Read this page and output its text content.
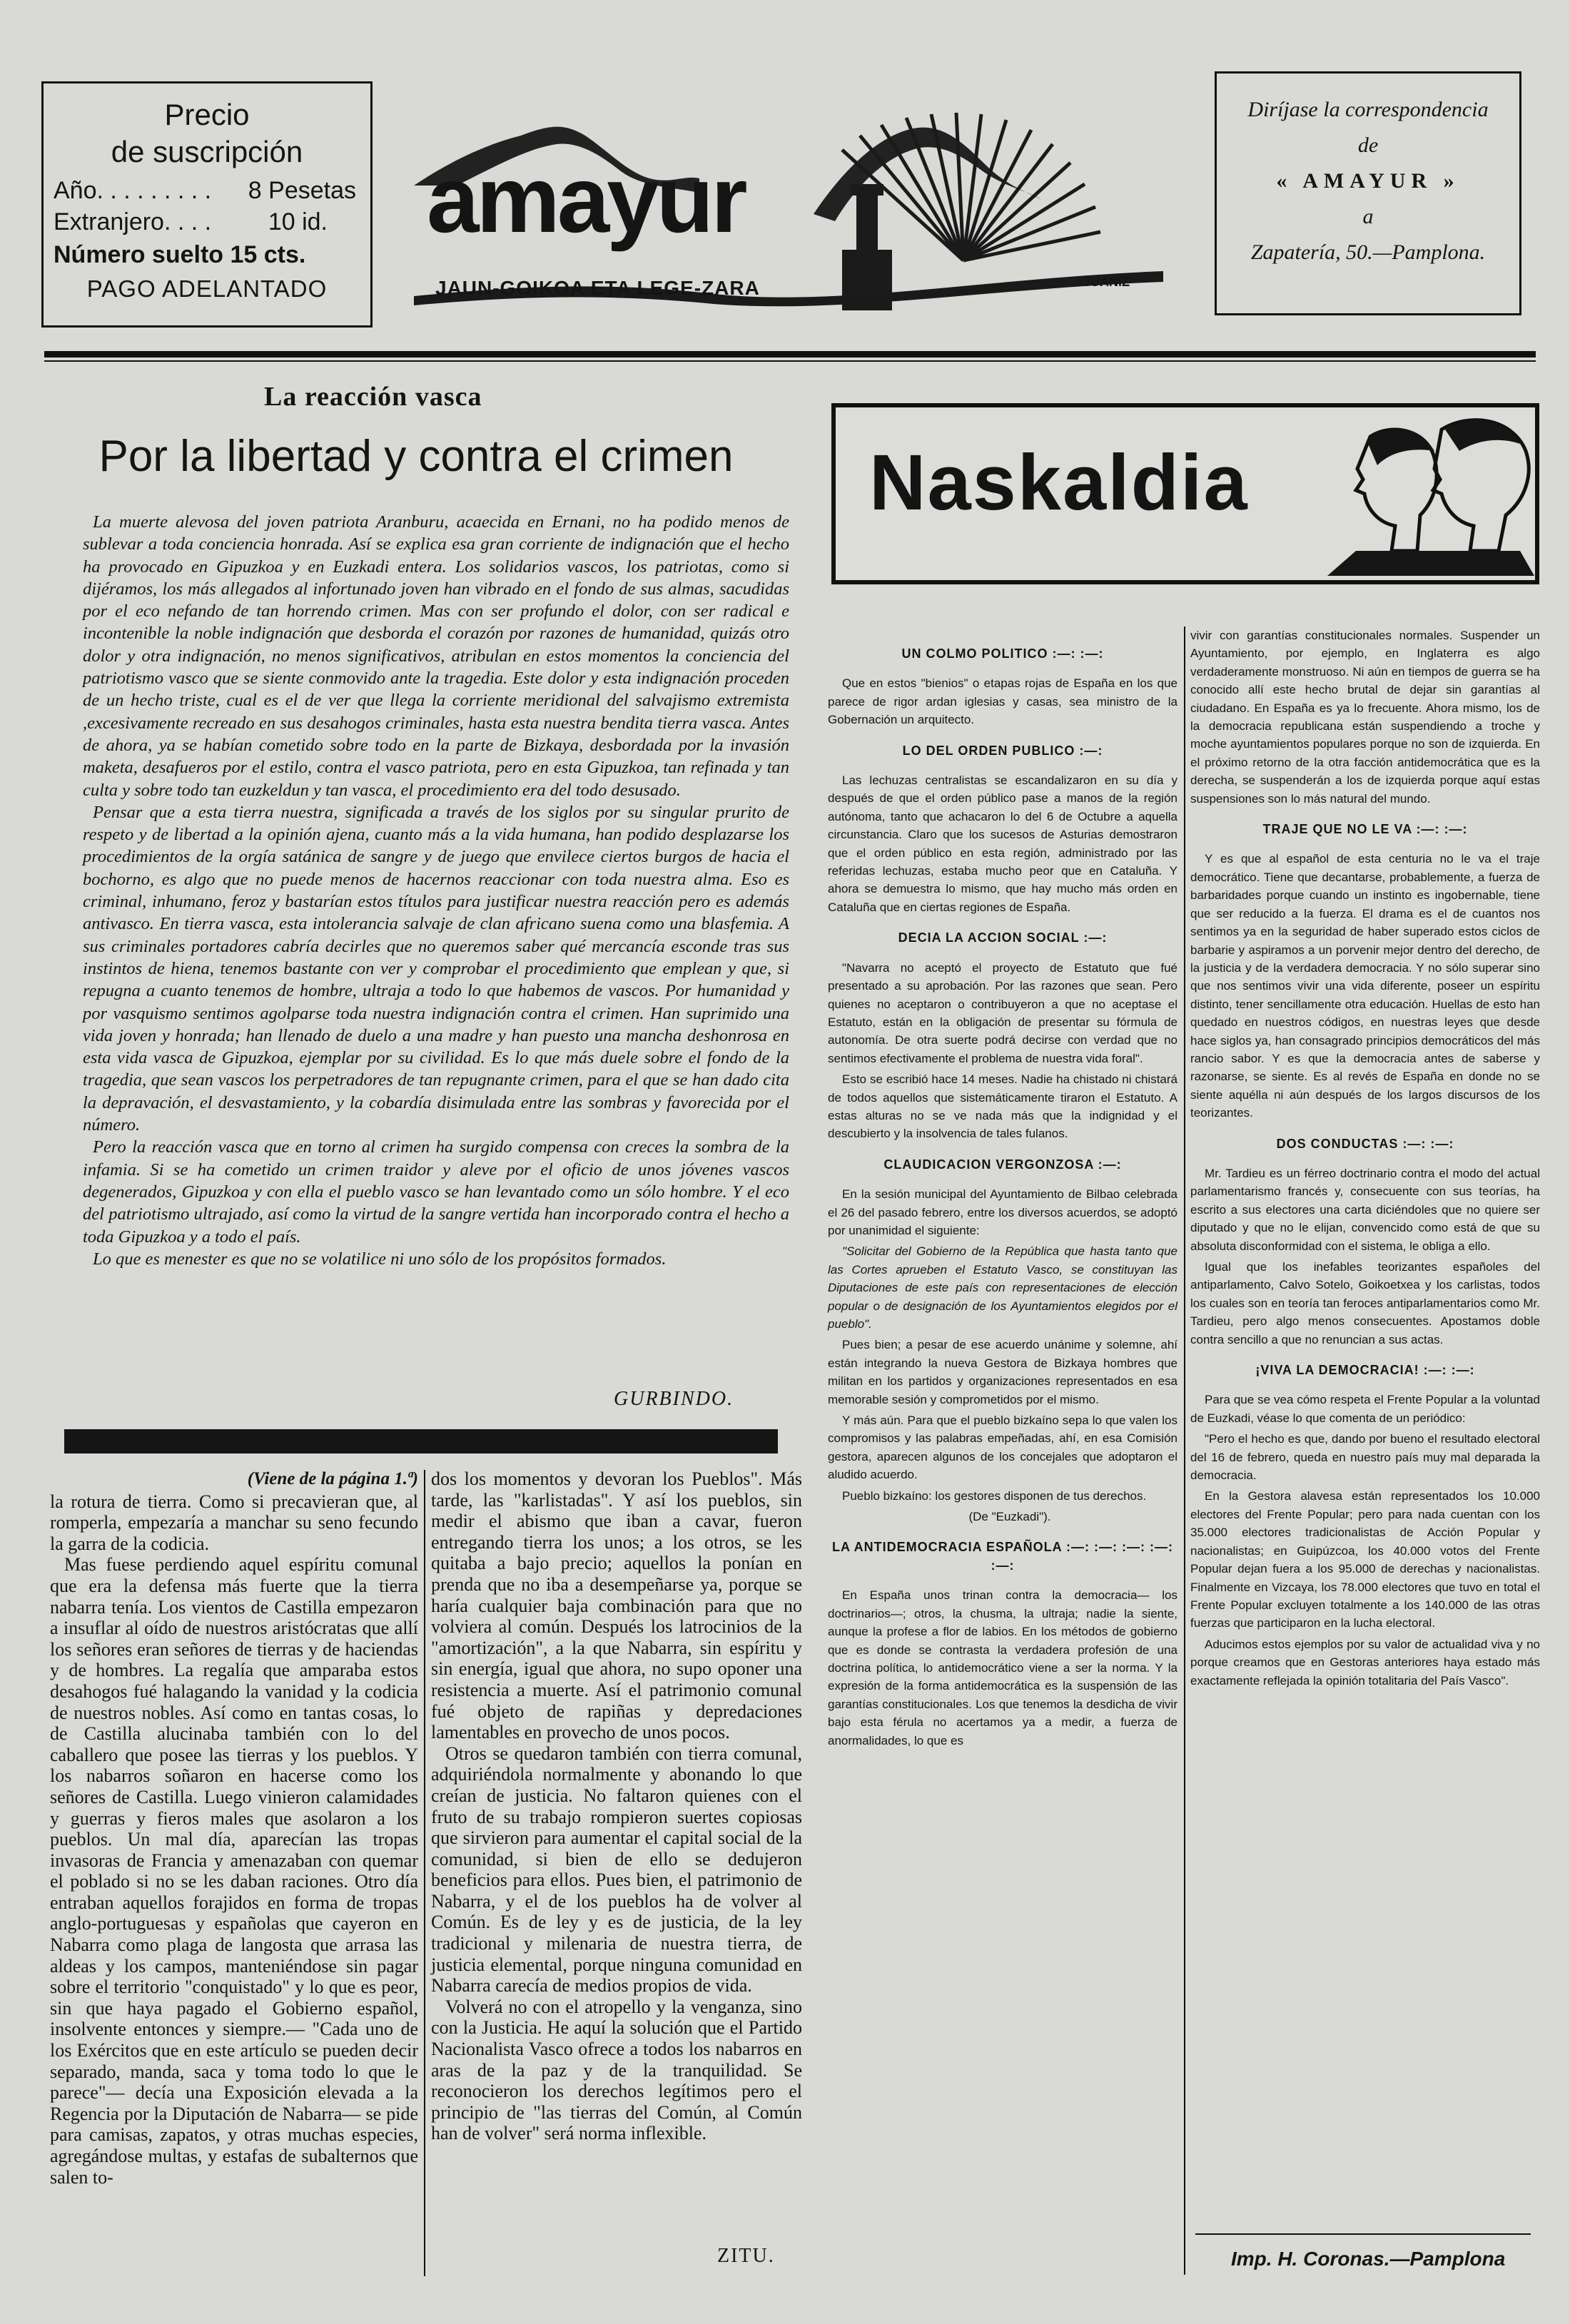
Precio
de suscripción
Año. . . . . . . . . 8 Pesetas
Extranjero. . . . 10 id.
Número suelto 15 cts.
PAGO ADELANTADO
amayur
JAUN-GOIKOA ETA LEGE-ZARA	JUANIZ
Diríjase la correspondencia
de
« AMAYUR »
a
Zapatería, 50.—Pamplona.
La reacción vasca
Por la libertad y contra el crimen

La muerte alevosa del joven patriota Aranburu, acaecida en Ernani, no ha podido menos de sublevar a toda conciencia honrada. Así se explica esa gran corriente de indignación que el hecho ha provocado en Gipuzkoa y en Euzkadi entera. Los solidarios vascos, los patriotas, como si dijéramos, los más allegados al infortunado joven han vibrado en el fondo de sus almas, sacudidas por el eco nefando de tan horrendo crimen. Mas con ser profundo el dolor, con ser radical e incontenible la noble indignación que desborda el corazón por razones de humanidad, quizás otro dolor y otra indignación, no menos significativos, atribulan en estos momentos la conciencia del patriotismo vasco que se siente conmovido ante la tragedia. Este dolor y esta indignación proceden de un hecho triste, cual es el de ver que llega la corriente meridional del salvajismo extremista ,excesivamente recreado en sus desahogos criminales, hasta esta nuestra bendita tierra vasca. Antes de ahora, ya se habían cometido sobre todo en la parte de Bizkaya, desbordada por la invasión maketa, desafueros por el estilo, contra el vasco patriota, pero en esta Gipuzkoa, tan refinada y tan culta y sobre todo tan euzkeldun y tan vasca, el procedimiento era del todo desusado.

Pensar que a esta tierra nuestra, significada a través de los siglos por su singular prurito de respeto y de libertad a la opinión ajena, cuanto más a la vida humana, han podido desplazarse los procedimientos de la orgía satánica de sangre y de juego que envilece ciertos burgos de hacia el bochorno, es algo que no puede menos de hacernos reaccionar con toda nuestra alma. Eso es criminal, inhumano, feroz y bastarían estos títulos para justificar nuestra reacción pero es además antivasco. En tierra vasca, esta intolerancia salvaje de clan africano suena como una blasfemia. A sus criminales portadores cabría decirles que no queremos saber qué mercancía esconde tras sus instintos de hiena, tenemos bastante con ver y comprobar el procedimiento que emplean y que, si repugna a cuanto tenemos de hombre, ultraja a todo lo que habemos de vascos. Por humanidad y por vasquismo sentimos agolparse toda nuestra indignación contra el crimen. Han suprimido una vida joven y honrada; han llenado de duelo a una madre y han puesto una mancha deshonrosa en esta vida vasca de Gipuzkoa, ejemplar por su civilidad. Es lo que más duele sobre el fondo de la tragedia, que sean vascos los perpetradores de tan repugnante crimen, para el que se han dado cita la depravación, el desvastamiento, y la cobardía disimulada entre las sombras y favorecida por el número.

Pero la reacción vasca que en torno al crimen ha surgido compensa con creces la sombra de la infamia. Si se ha cometido un crimen traidor y aleve por el oficio de unos jóvenes vascos degenerados, Gipuzkoa y con ella el pueblo vasco se han levantado como un sólo hombre. Y el eco del patriotismo ultrajado, así como la virtud de la sangre vertida han incorporado contra el hecho a toda Gipuzkoa y a todo el país.

Lo que es menester es que no se volatilice ni uno sólo de los propósitos formados.

GURBINDO.
(Viene de la página 1.ª)

la rotura de tierra. Como si precavieran que, al romperla, empezaría a manchar su seno fecundo la garra de la codicia.

Mas fuese perdiendo aquel espíritu comunal que era la defensa más fuerte que la tierra nabarra tenía. Los vientos de Castilla empezaron a insuflar al oído de nuestros aristócratas que allí los señores eran señores de tierras y de haciendas y de hombres. La regalía que amparaba estos desahogos fué halagando la vanidad y la codicia de nuestros nobles. Así como en tantas cosas, lo de Castilla alucinaba también con lo del caballero que posee las tierras y los pueblos. Y los nabarros soñaron en hacerse como los señores de Castilla. Luego vinieron calamidades y guerras y fieros males que asolaron a los pueblos. Un mal día, aparecían las tropas invasoras de Francia y amenazaban con quemar el poblado si no se les daban raciones. Otro día entraban aquellos forajidos en forma de tropas anglo-portuguesas y españolas que cayeron en Nabarra como plaga de langosta que arrasa las aldeas y los campos, manteniéndose sin pagar sobre el territorio "conquistado" y lo que es peor, sin que haya pagado el Gobierno español, insolvente entonces y siempre.— "Cada uno de los Exércitos que en este artículo se pueden decir separado, manda, saca y toma todo lo que le parece"— decía una Exposición elevada a la Regencia por la Diputación de Nabarra— se pide para camisas, zapatos, y otras muchas especies, agregándose multas, y estafas de subalternos que salen to-

dos los momentos y devoran los Pueblos". Más tarde, las "karlistadas". Y así los pueblos, sin medir el abismo que iban a cavar, fueron entregando tierra los unos; a los otros, se les quitaba a bajo precio; aquellos la ponían en prenda que no iba a desempeñarse ya, porque se haría cualquier baja combinación para que no volviera al común. Después los latrocinios de la "amortización", a la que Nabarra, sin espíritu y sin energía, igual que ahora, no supo oponer una resistencia a muerte. Así el patrimonio comunal fué objeto de rapiñas y depredaciones lamentables en provecho de unos pocos.

Otros se quedaron también con tierra comunal, adquiriéndola normalmente y abonando lo que creían de justicia. No faltaron quienes con el fruto de su trabajo rompieron suertes copiosas que sirvieron para aumentar el capital social de la comunidad, si bien de ello se dedujeron beneficios para ellos. Pues bien, el patrimonio de Nabarra, y el de los pueblos ha de volver al Común. Es de ley y es de justicia, de la ley tradicional y milenaria de nuestra tierra, de justicia elemental, porque ninguna comunidad en Nabarra carecía de medios propios de vida.

Volverá no con el atropello y la venganza, sino con la Justicia. He aquí la solución que el Partido Nacionalista Vasco ofrece a todos los nabarros en aras de la paz y de la tranquilidad. Se reconocieron los derechos legítimos pero el principio de "las tierras del Común, al Común han de volver" será norma inflexible.

ZITU.
Naskaldia
UN COLMO POLITICO :—: :—:

Que en estos "bienios" o etapas rojas de España en los que parece de rigor ardan iglesias y casas, sea ministro de la Gobernación un arquitecto.

LO DEL ORDEN PUBLICO :—:

Las lechuzas centralistas se escandalizaron en su día y después de que el orden público pase a manos de la región autónoma, tanto que achacaron lo del 6 de Octubre a aquella circunstancia. Claro que los sucesos de Asturias demostraron que el orden público en esta región, administrado por las referidas lechuzas, estaba mucho peor que en Cataluña. Y ahora se demuestra lo mismo, que hay mucho más orden en Cataluña que en ciertas regiones de España.

DECIA LA ACCION SOCIAL :—:

"Navarra no aceptó el proyecto de Estatuto que fué presentado a su aprobación. Por las razones que sean. Pero quienes no aceptaron o contribuyeron a que no aceptase el Estatuto, están en la obligación de presentar su fórmula de autonomía. De otra suerte podrá decirse con verdad que no sentimos efectivamente el problema de nuestra vida foral".

Esto se escribió hace 14 meses. Nadie ha chistado ni chistará de todos aquellos que sistemáticamente tiraron el Estatuto. A estas alturas no se ve nada más que la indignidad y el descubierto y la insolvencia de tales fulanos.

CLAUDICACION VERGONZOSA :—:

En la sesión municipal del Ayuntamiento de Bilbao celebrada el 26 del pasado febrero, entre los diversos acuerdos, se adoptó por unanimidad el siguiente:

"Solicitar del Gobierno de la República que hasta tanto que las Cortes aprueben el Estatuto Vasco, se constituyan las Diputaciones de este país con representaciones de elección popular o de designación de los Ayuntamientos elegidos por el pueblo".

Pues bien; a pesar de ese acuerdo unánime y solemne, ahí están integrando la nueva Gestora de Bizkaya hombres que militan en los partidos y organizaciones representados en esa memorable sesión y comprometidos por el mismo.

Y más aún. Para que el pueblo bizkaíno sepa lo que valen los compromisos y las palabras empeñadas, ahí, en esa Comisión gestora, aparecen algunos de los concejales que adoptaron el aludido acuerdo.

Pueblo bizkaíno: los gestores disponen de tus derechos.

(De "Euzkadi").

LA ANTIDEMOCRACIA ESPAÑOLA :—: :—: :—: :—: :—:

En España unos trinan contra la democracia— los doctrinarios—; otros, la chusma, la ultraja; nadie la siente, aunque la profese a flor de labios. En los métodos de gobierno que es donde se contrasta la verdadera profesión de una doctrina política, lo antidemocrático viene a ser la norma. Y la expresión de la forma antidemocrática es la suspensión de las garantías constitucionales. Los que tenemos la desdicha de vivir bajo esta férula no acertamos ya a medir, a fuerza de anormalidades, lo que es

vivir con garantías constitucionales normales. Suspender un Ayuntamiento, por ejemplo, en Inglaterra es algo verdaderamente monstruoso. Ni aún en tiempos de guerra se ha conocido allí este hecho brutal de dejar sin garantías al ciudadano. En España es ya lo frecuente. Ahora mismo, los de la democracia republicana están suspendiendo a troche y moche ayuntamientos populares porque no son de izquierda. En el próximo retorno de la otra facción antidemocrática que es la derecha, se suspenderán a los de izquierda porque aquí estas suspensiones son lo más natural del mundo.

TRAJE QUE NO LE VA :—: :—:

Y es que al español de esta centuria no le va el traje democrático. Tiene que decantarse, probablemente, a fuerza de barbaridades porque cuando un instinto es ingobernable, tiene que ser reducido a la fuerza. El drama es el de cuantos nos sentimos ya en la seguridad de haber superado estos ciclos de barbarie y aspiramos a un porvenir mejor dentro del derecho, de la justicia y de la verdadera democracia. Y no sólo superar sino que nos sentimos vivir una vida diferente, poseer un espíritu distinto, tener sencillamente otra educación. Huellas de esto han quedado en nuestros códigos, en nuestras leyes que desde hace siglos ya, han consagrado principios democráticos del más rancio sabor. Y es que la democracia antes de saberse y razonarse, se siente. Es al revés de España en donde no se siente aquélla ni aún después de los largos discursos de los teorizantes.

DOS CONDUCTAS :—: :—:

Mr. Tardieu es un férreo doctrinario contra el modo del actual parlamentarismo francés y, consecuente con sus teorías, ha escrito a sus electores una carta diciéndoles que no quiere ser diputado y que no le elijan, convencido como está de que su absoluta disconformidad con el sistema, le obliga a ello.

Igual que los inefables teorizantes españoles del antiparlamento, Calvo Sotelo, Goikoetxea y los carlistas, todos los cuales son en teoría tan feroces antiparlamentarios como Mr. Tardieu, pero algo menos consecuentes. Apostamos doble contra sencillo a que no renuncian a sus actas.

¡VIVA LA DEMOCRACIA! :—: :—:

Para que se vea cómo respeta el Frente Popular a la voluntad de Euzkadi, véase lo que comenta de un periódico:

"Pero el hecho es que, dando por bueno el resultado electoral del 16 de febrero, queda en nuestro país muy mal deparada la democracia.

En la Gestora alavesa están representados los 10.000 electores del Frente Popular; pero para nada cuentan con los 35.000 electores tradicionalistas de Acción Popular y nacionalistas; en Guipúzcoa, los 40.000 votos del Frente Popular dejan fuera a los 95.000 de derechas y nacionalistas. Finalmente en Vizcaya, los 78.000 electores que tuvo en total el Frente Popular excluyen totalmente a los 140.000 de las otras fuerzas que participaron en la lucha electoral.

Aducimos estos ejemplos por su valor de actualidad viva y no porque creamos que en Gestoras anteriores haya estado más exactamente reflejada la opinión totalitaria del País Vasco".

Imp. H. Coronas.—Pamplona
